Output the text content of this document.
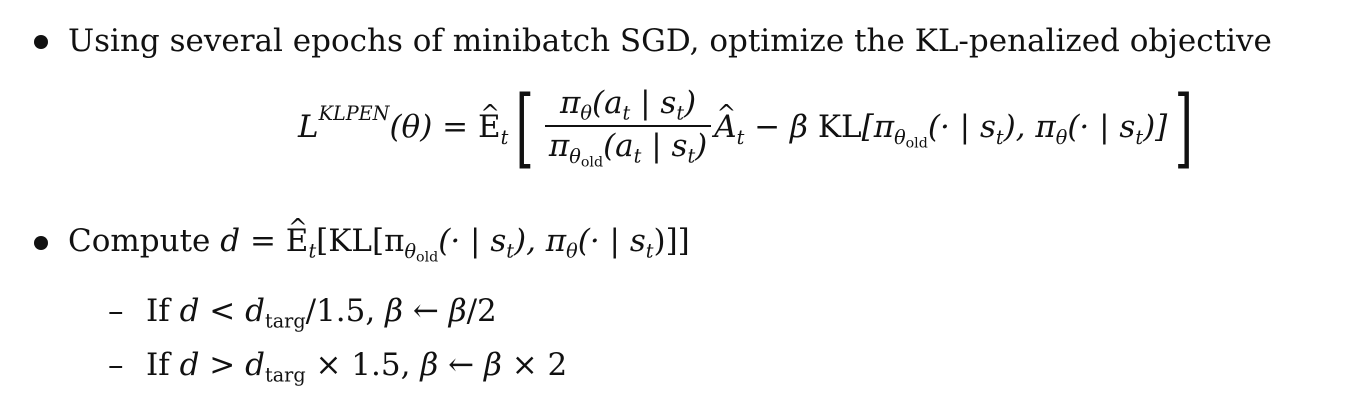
Using several epochs of minibatch SGD, optimize the KL-penalized objective
$L^{KLPEN}(\theta)$ = ^ $E_t[ \frac{\pi_\theta(a_t | s_t)}{\pi_{\theta old}(a_t | s_t)}$ ^ $A_t - \beta$ $KL[\pi_{\theta old}(\cdot$ | $s_t$), $\pi_\theta(\cdot$ | $s_t$)]]
Compute d = ^ $E_t[KL[\pi_{\theta old}(\cdot$ | $s_t$), $\pi_\theta(\cdot$ | $s_t$)]]
– If $d < d_{targ}/1.5$, β ← β/2
– If $d > d_{targ} \times 1.5$, β ← β × 2
